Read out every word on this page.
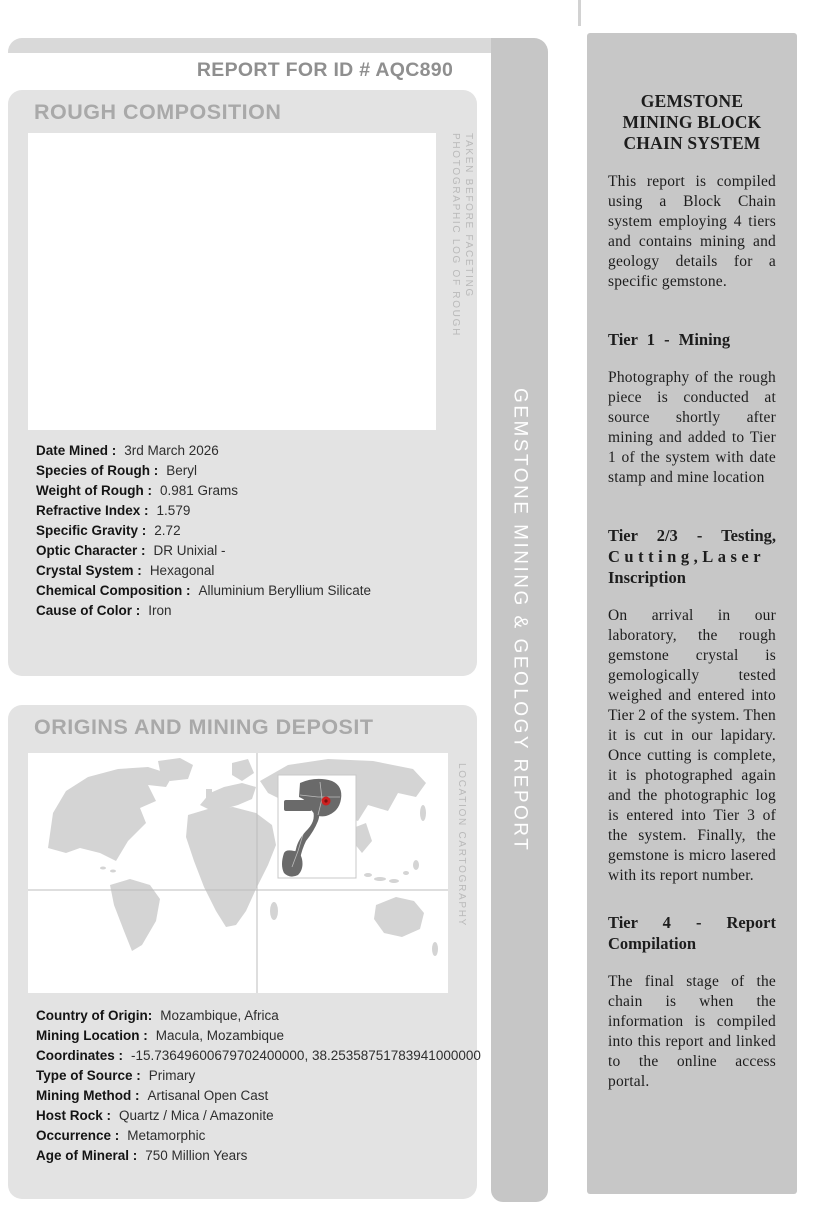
GEMSTONE MINING & GEOLOGY REPORT
REPORT FOR ID # AQC890
ROUGH COMPOSITION
PHOTOGRAPHIC LOG OF ROUGH TAKEN BEFORE FACETING
Date Mined : 3rd March 2026
Species of Rough : Beryl
Weight of Rough : 0.981 Grams
Refractive Index : 1.579
Specific Gravity : 2.72
Optic Character : DR Unixial -
Crystal System : Hexagonal
Chemical Composition : Alluminium Beryllium Silicate
Cause of Color : Iron
ORIGINS AND MINING DEPOSIT
LOCATION CARTOGRAPHY
Country of Origin: Mozambique, Africa
Mining Location : Macula, Mozambique
Coordinates : -15.73649600679702400000, 38.25358751783941000000
Type of Source : Primary
Mining Method : Artisanal Open Cast
Host Rock : Quartz / Mica / Amazonite
Occurrence : Metamorphic
Age of Mineral : 750 Million Years
GEMSTONE MINING BLOCK CHAIN SYSTEM

This report is compiled using a Block Chain system employing 4 tiers and contains mining and geology details for a specific gemstone.

Tier 1 - Mining

Photography of the rough piece is conducted at source shortly after mining and added to Tier 1 of the system with date stamp and mine location

Tier 2/3 - Testing,
Cutting,Laser
Inscription

On arrival in our laboratory, the rough gemstone crystal is gemologically tested weighed and entered into Tier 2 of the system. Then it is cut in our lapidary. Once cutting is complete, it is photographed again and the photographic log is entered into Tier 3 of the system. Finally, the gemstone is micro lasered with its report number.

Tier 4 - Report Compilation

The final stage of the chain is when the information is compiled into this report and linked to the online access portal.
